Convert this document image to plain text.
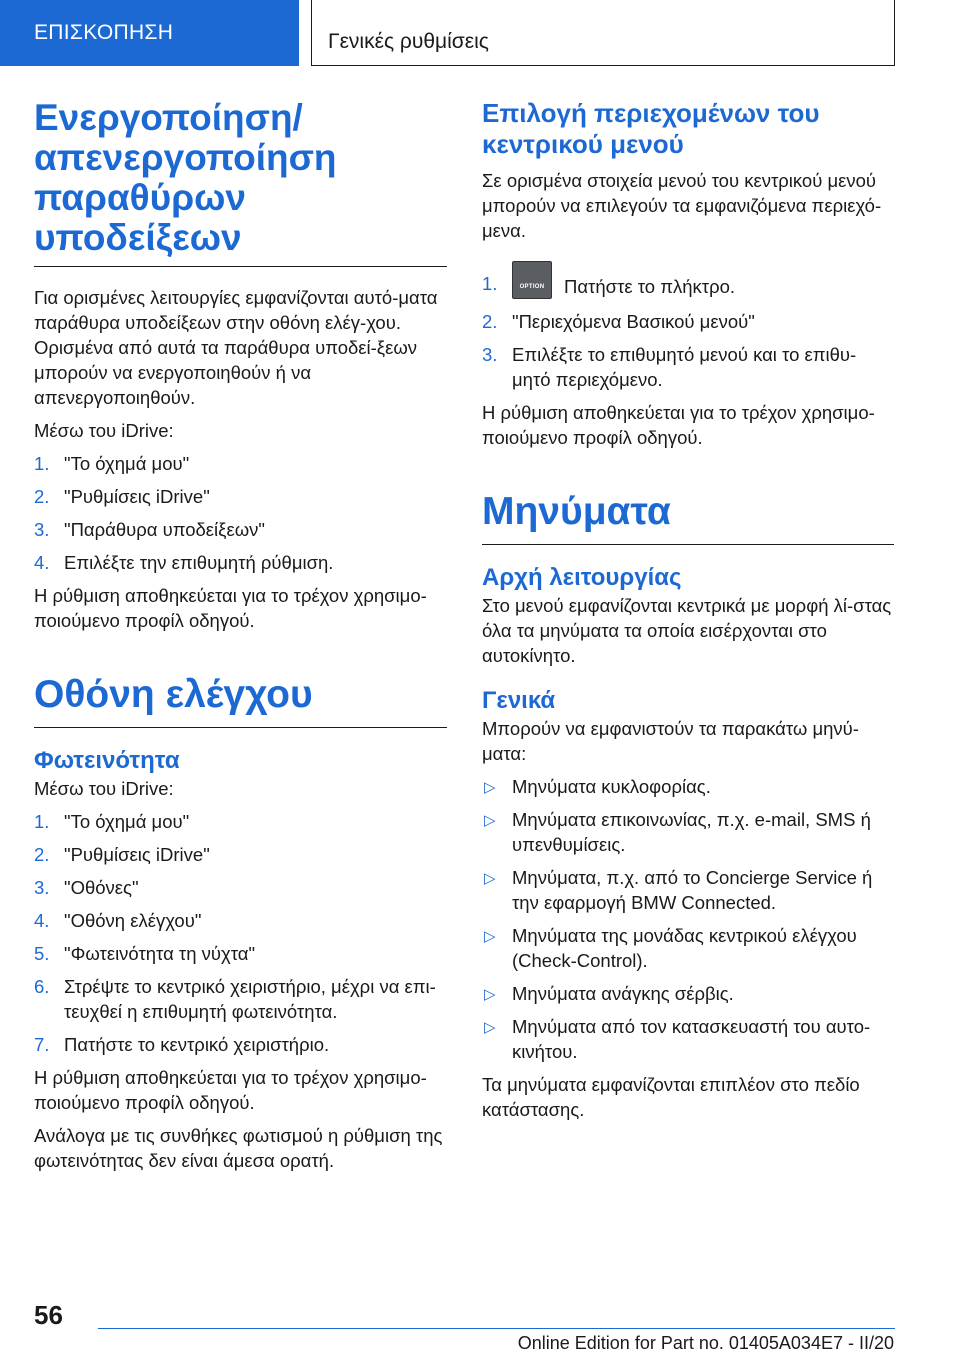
ΕΠΙΣΚΟΠΗΣΗ	Γενικές ρυθμίσεις
Ενεργοποίηση/ απενεργοποίηση παραθύρων υποδείξεων

Για ορισμένες λειτουργίες εμφανίζονται αυτό-ματα παράθυρα υποδείξεων στην οθόνη ελέγ-χου. Ορισμένα από αυτά τα παράθυρα υποδεί-ξεων μπορούν να ενεργοποιηθούν ή να απενεργοποιηθούν.

Μέσω του iDrive:

1. "Το όχημά μου"
2. "Ρυθμίσεις iDrive"
3. "Παράθυρα υποδείξεων"
4. Επιλέξτε την επιθυμητή ρύθμιση.

Η ρύθμιση αποθηκεύεται για το τρέχον χρησιμο-ποιούμενο προφίλ οδηγού.

Οθόνη ελέγχου
Φωτεινότητα

Μέσω του iDrive:

1. "Το όχημά μου"
2. "Ρυθμίσεις iDrive"
3. "Οθόνες"
4. "Οθόνη ελέγχου"
5. "Φωτεινότητα τη νύχτα"
6. Στρέψτε το κεντρικό χειριστήριο, μέχρι να επι-τευχθεί η επιθυμητή φωτεινότητα.
7. Πατήστε το κεντρικό χειριστήριο.

Η ρύθμιση αποθηκεύεται για το τρέχον χρησιμο-ποιούμενο προφίλ οδηγού.

Ανάλογα με τις συνθήκες φωτισμού η ρύθμιση της φωτεινότητας δεν είναι άμεσα ορατή.

Επιλογή περιεχομένων του κεντρικού μενού

Σε ορισμένα στοιχεία μενού του κεντρικού μενού μπορούν να επιλεγούν τα εμφανιζόμενα περιεχό-μενα.

1.	OPTION	Πατήστε το πλήκτρο.
2. "Περιεχόμενα Βασικού μενού"
3. Επιλέξτε το επιθυμητό μενού και το επιθυ-μητό περιεχόμενο.

Η ρύθμιση αποθηκεύεται για το τρέχον χρησιμο-ποιούμενο προφίλ οδηγού.

Μηνύματα
Αρχή λειτουργίας

Στο μενού εμφανίζονται κεντρικά με μορφή λί-στας όλα τα μηνύματα τα οποία εισέρχονται στο αυτοκίνητο.

Γενικά

Μπορούν να εμφανιστούν τα παρακάτω μηνύ-ματα:

▷ Μηνύματα κυκλοφορίας.
▷ Μηνύματα επικοινωνίας, π.χ. e-mail, SMS ή υπενθυμίσεις.
▷ Μηνύματα, π.χ. από το Concierge Service ή την εφαρμογή BMW Connected.
▷ Μηνύματα της μονάδας κεντρικού ελέγχου (Check-Control).
▷ Μηνύματα ανάγκης σέρβις.
▷ Μηνύματα από τον κατασκευαστή του αυτο-κινήτου.

Τα μηνύματα εμφανίζονται επιπλέον στο πεδίο κατάστασης.

56
Online Edition for Part no. 01405A034E7 - II/20
